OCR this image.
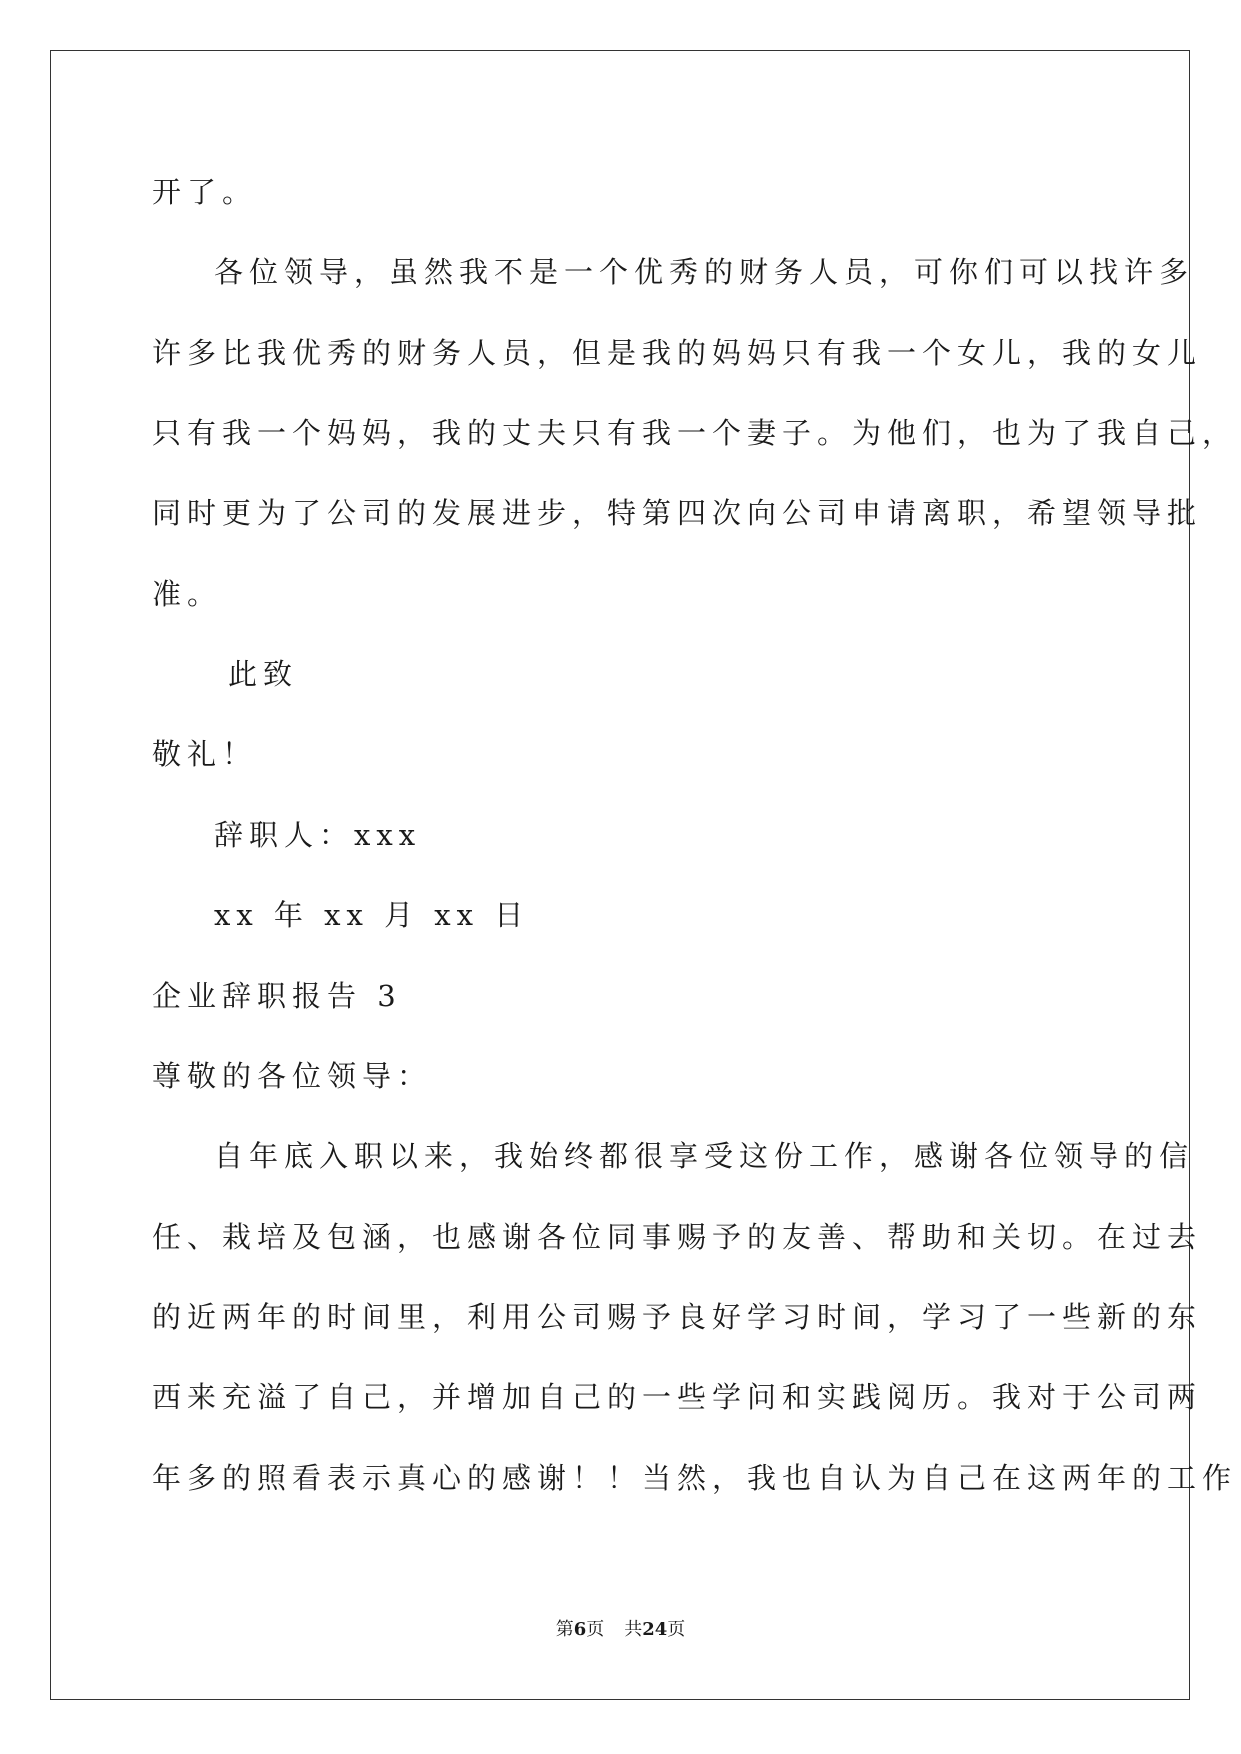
开了。
各位领导，虽然我不是一个优秀的财务人员，可你们可以找许多
许多比我优秀的财务人员，但是我的妈妈只有我一个女儿，我的女儿
只有我一个妈妈，我的丈夫只有我一个妻子。为他们，也为了我自己，
同时更为了公司的发展进步，特第四次向公司申请离职，希望领导批
准。
此致
敬礼！
辞职人：xxx
xx 年 xx 月 xx 日
企业辞职报告 3
尊敬的各位领导：
自年底入职以来，我始终都很享受这份工作，感谢各位领导的信
任、栽培及包涵，也感谢各位同事赐予的友善、帮助和关切。在过去
的近两年的时间里，利用公司赐予良好学习时间，学习了一些新的东
西来充溢了自己，并增加自己的一些学问和实践阅历。我对于公司两
年多的照看表示真心的感谢！！当然，我也自认为自己在这两年的工作
第6页 共24页
